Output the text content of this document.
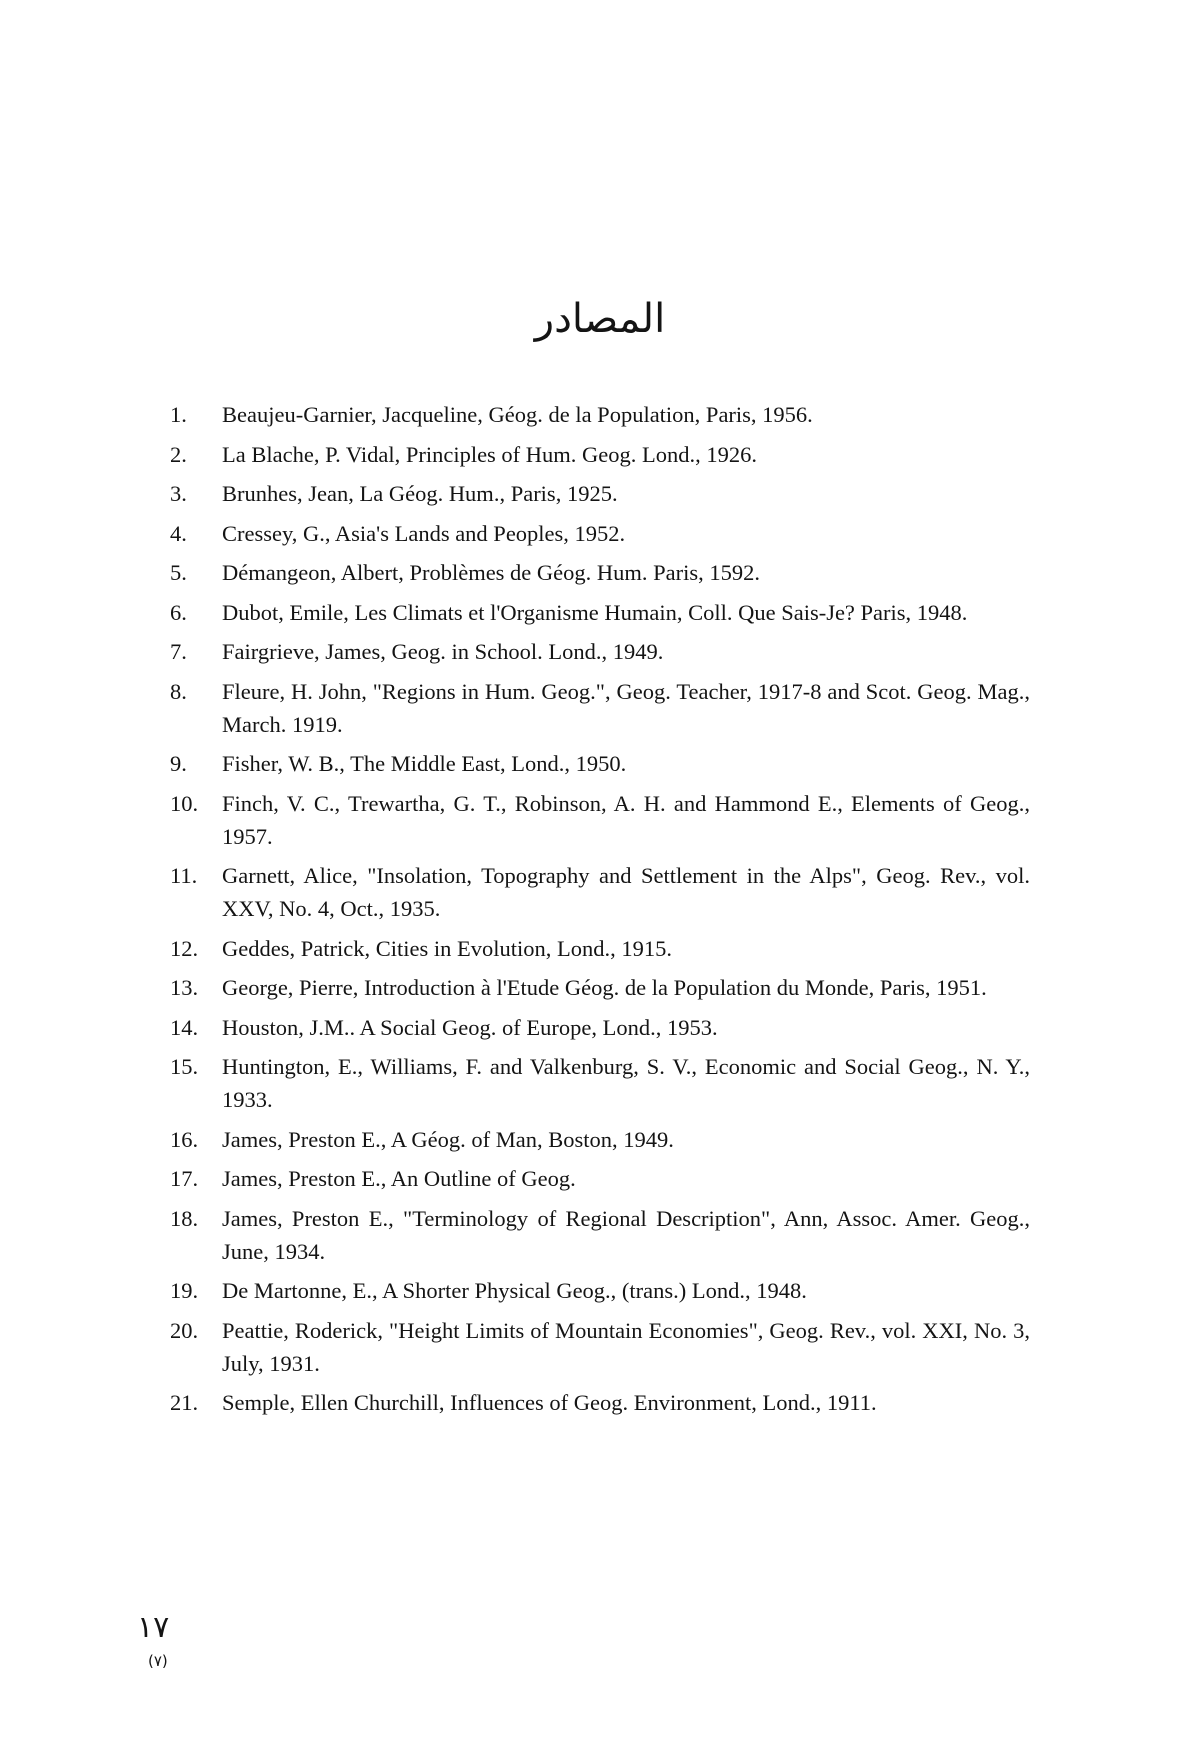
المصادر
1.	Beaujeu-Garnier, Jacqueline, Géog. de la Population, Paris, 1956.
2.	La Blache, P. Vidal, Principles of Hum. Geog. Lond., 1926.
3.	Brunhes, Jean, La Géog. Hum., Paris, 1925.
4.	Cressey, G., Asia's Lands and Peoples, 1952.
5.	Démangeon, Albert, Problèmes de Géog. Hum. Paris, 1592.
6.	Dubot, Emile, Les Climats et l'Organisme Humain, Coll. Que Sais-Je? Paris, 1948.
7.	Fairgrieve, James, Geog. in School. Lond., 1949.
8.	Fleure, H. John, "Regions in Hum. Geog.", Geog. Teacher, 1917-8 and Scot. Geog. Mag., March. 1919.
9.	Fisher, W. B., The Middle East, Lond., 1950.
10.	Finch, V. C., Trewartha, G. T., Robinson, A. H. and Hammond E., Elements of Geog., 1957.
11.	Garnett, Alice, "Insolation, Topography and Settlement in the Alps", Geog. Rev., vol. XXV, No. 4, Oct., 1935.
12.	Geddes, Patrick, Cities in Evolution, Lond., 1915.
13.	George, Pierre, Introduction à l'Etude Géog. de la Population du Monde, Paris, 1951.
14.	Houston, J.M.. A Social Geog. of Europe, Lond., 1953.
15.	Huntington, E., Williams, F. and Valkenburg, S. V., Economic and Social Geog., N. Y., 1933.
16.	James, Preston E., A Géog. of Man, Boston, 1949.
17.	James, Preston E., An Outline of Geog.
18.	James, Preston E., "Terminology of Regional Description", Ann, Assoc. Amer. Geog., June, 1934.
19.	De Martonne, E., A Shorter Physical Geog., (trans.) Lond., 1948.
20.	Peattie, Roderick, "Height Limits of Mountain Economies", Geog. Rev., vol. XXI, No. 3, July, 1931.
21.	Semple, Ellen Churchill, Influences of Geog. Environment, Lond., 1911.
١٧
(٧)
